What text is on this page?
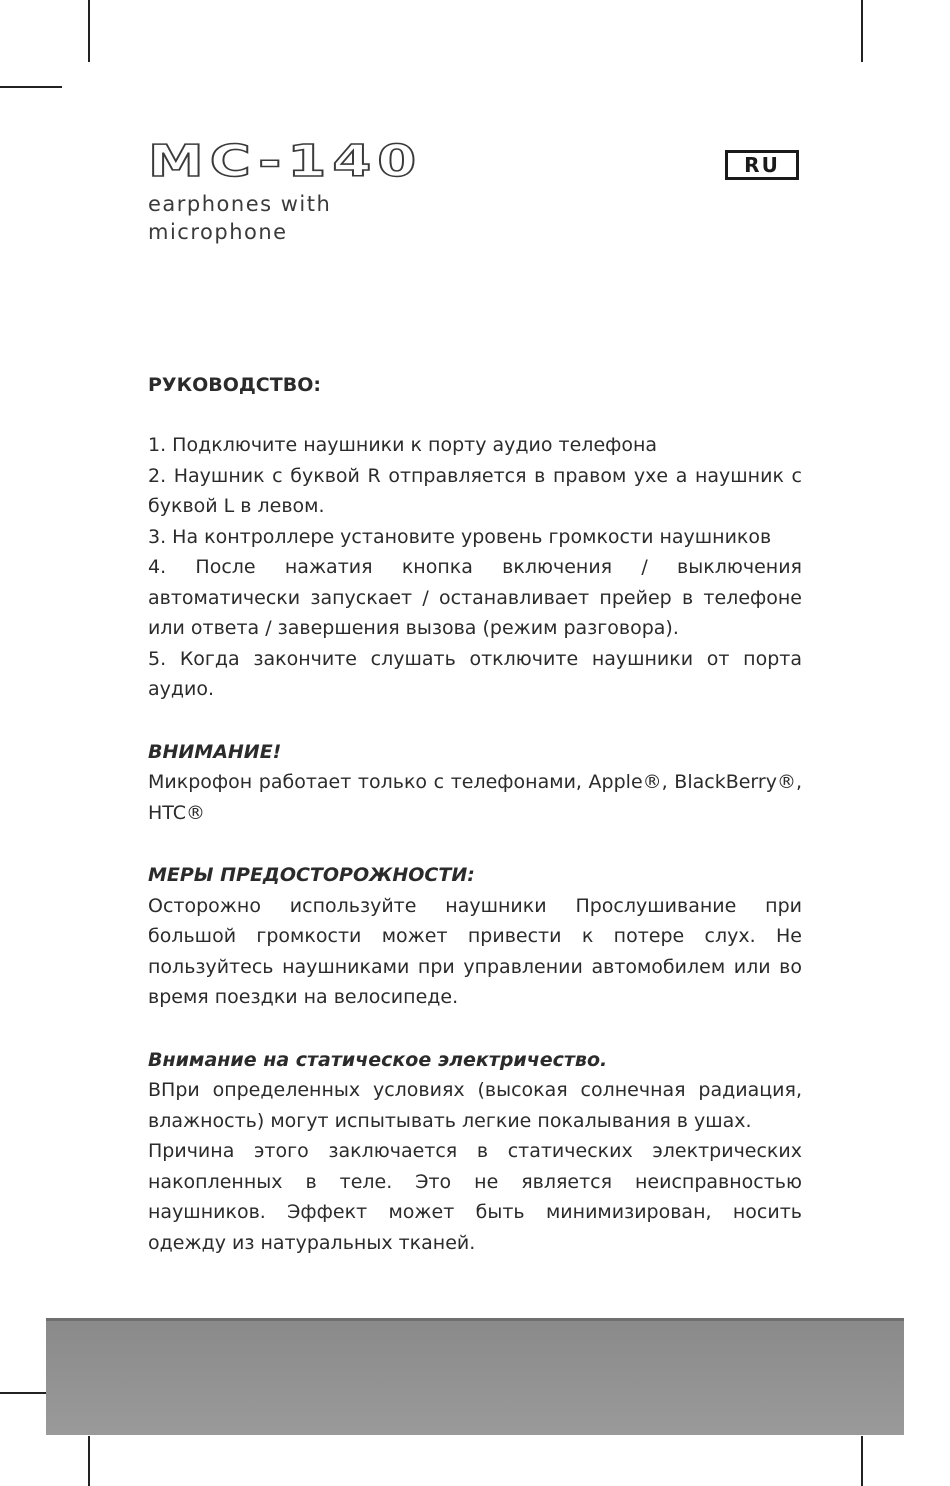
MC-140
earphones with microphone
RU
РУКОВОДСТВО:

1. Подключите наушники к порту аудио телефона

2. Наушник с буквой R отправляется в правом ухе а наушник с буквой L в левом.

3. На контроллере установите уровень громкости наушников

4. После нажатия кнопка включения / выключения автоматически запускает / останавливает прейер в телефоне или ответа / завершения вызова (режим разговора).

5. Когда закончите слушать отключите наушники от порта аудио.

ВНИМАНИЕ!

Микрофон работает только с телефонами, Apple®, BlackBerry®, HTC®

МЕРЫ ПРЕДОСТОРОЖНОСТИ:

Осторожно используйте наушники Прослушивание при большой громкости может привести к потере слух. Не пользуйтесь наушниками при управлении автомобилем или во время поездки на велосипеде.

Внимание на статическое электричество.

ВПри определенных условиях (высокая солнечная радиация, влажность) могут испытывать легкие покалывания в ушах.

Причина этого заключается в статических электрических накопленных в теле. Это не является неисправностью наушников. Эффект может быть минимизирован, носить одежду из натуральных тканей.
